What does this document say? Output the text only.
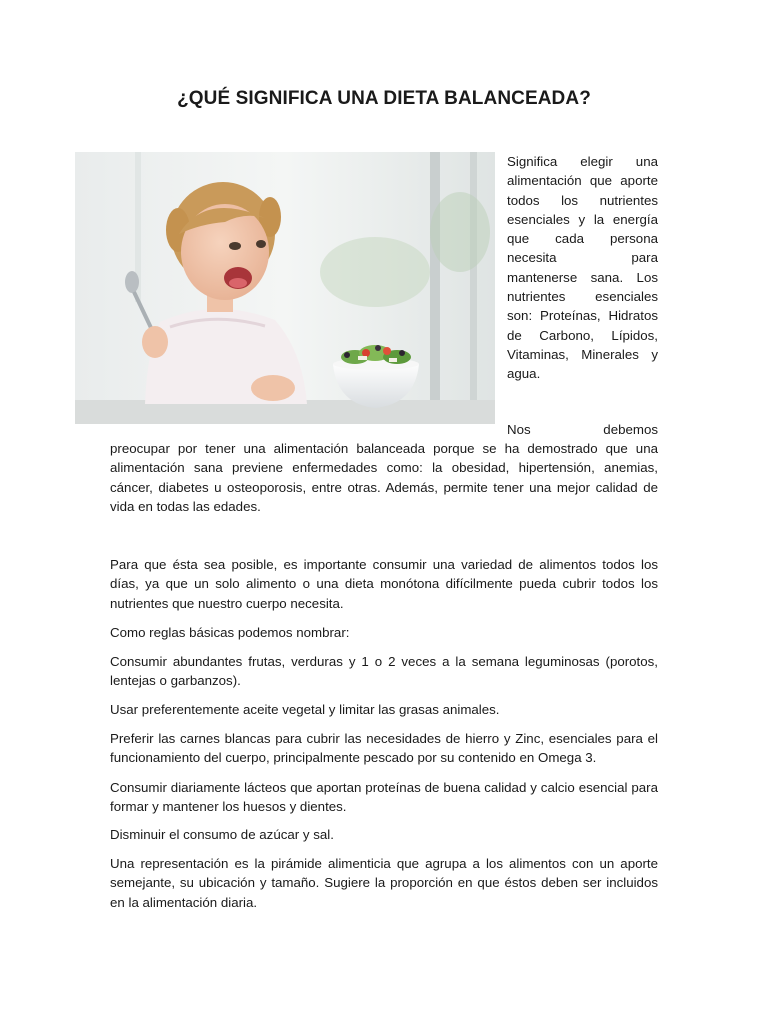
¿QUÉ SIGNIFICA UNA DIETA BALANCEADA?

Significa elegir una alimentación que aporte todos los nutrientes esenciales y la energía que cada persona necesita para mantenerse sana. Los nutrientes esenciales son: Proteínas, Hidratos de Carbono, Lípidos, Vitaminas, Minerales y agua.

Nos	debemos

preocupar por tener una alimentación balanceada porque se ha demostrado que una alimentación sana previene enfermedades como: la obesidad, hipertensión, anemias, cáncer, diabetes u osteoporosis, entre otras. Además, permite tener una mejor calidad de vida en todas las edades.

Para que ésta sea posible, es importante consumir una variedad de alimentos todos los días, ya que un solo alimento o una dieta monótona difícilmente pueda cubrir todos los nutrientes que nuestro cuerpo necesita.

Como reglas básicas podemos nombrar:

Consumir abundantes frutas, verduras y 1 o 2 veces a la semana leguminosas (porotos, lentejas o garbanzos).

Usar preferentemente aceite vegetal y limitar las grasas animales.

Preferir las carnes blancas para cubrir las necesidades de hierro y Zinc, esenciales para el funcionamiento del cuerpo, principalmente pescado por su contenido en Omega 3.

Consumir diariamente lácteos que aportan proteínas de buena calidad y calcio esencial para formar y mantener los huesos y dientes.

Disminuir el consumo de azúcar y sal.

Una representación es la pirámide alimenticia que agrupa a los alimentos con un aporte semejante, su ubicación y tamaño. Sugiere la proporción en que éstos deben ser incluidos en la alimentación diaria.
